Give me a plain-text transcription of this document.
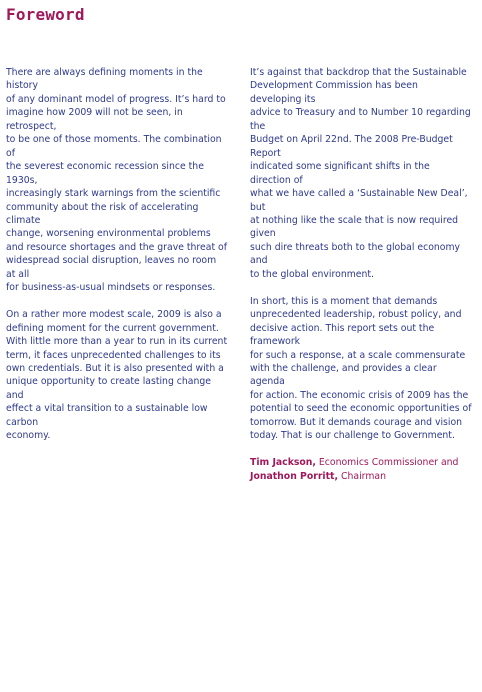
Foreword

There are always defining moments in the history
of any dominant model of progress. It’s hard to
imagine how 2009 will not be seen, in retrospect,
to be one of those moments. The combination of
the severest economic recession since the 1930s,
increasingly stark warnings from the scientific
community about the risk of accelerating climate
change, worsening environmental problems
and resource shortages and the grave threat of
widespread social disruption, leaves no room at all
for business-as-usual mindsets or responses.

On a rather more modest scale, 2009 is also a
defining moment for the current government.
With little more than a year to run in its current
term, it faces unprecedented challenges to its
own credentials. But it is also presented with a
unique opportunity to create lasting change and
effect a vital transition to a sustainable low carbon
economy.

It’s against that backdrop that the Sustainable
Development Commission has been developing its
advice to Treasury and to Number 10 regarding the
Budget on April 22nd. The 2008 Pre-Budget Report
indicated some significant shifts in the direction of
what we have called a ‘Sustainable New Deal’, but
at nothing like the scale that is now required given
such dire threats both to the global economy and
to the global environment.

In short, this is a moment that demands
unprecedented leadership, robust policy, and
decisive action. This report sets out the framework
for such a response, at a scale commensurate
with the challenge, and provides a clear agenda
for action. The economic crisis of 2009 has the
potential to seed the economic opportunities of
tomorrow. But it demands courage and vision
today. That is our challenge to Government.

Tim Jackson, Economics Commissioner and
Jonathon Porritt, Chairman
